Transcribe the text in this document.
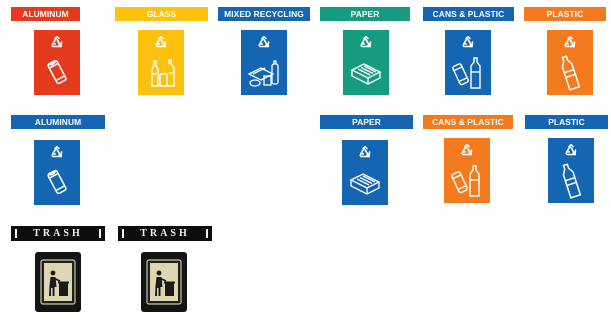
ALUMINUM	GLASS	MIXED RECYCLING	PAPER	CANS & PLASTIC	PLASTIC
ALUMINUM	PAPER	CANS & PLASTIC	PLASTIC
TRASH	TRASH
